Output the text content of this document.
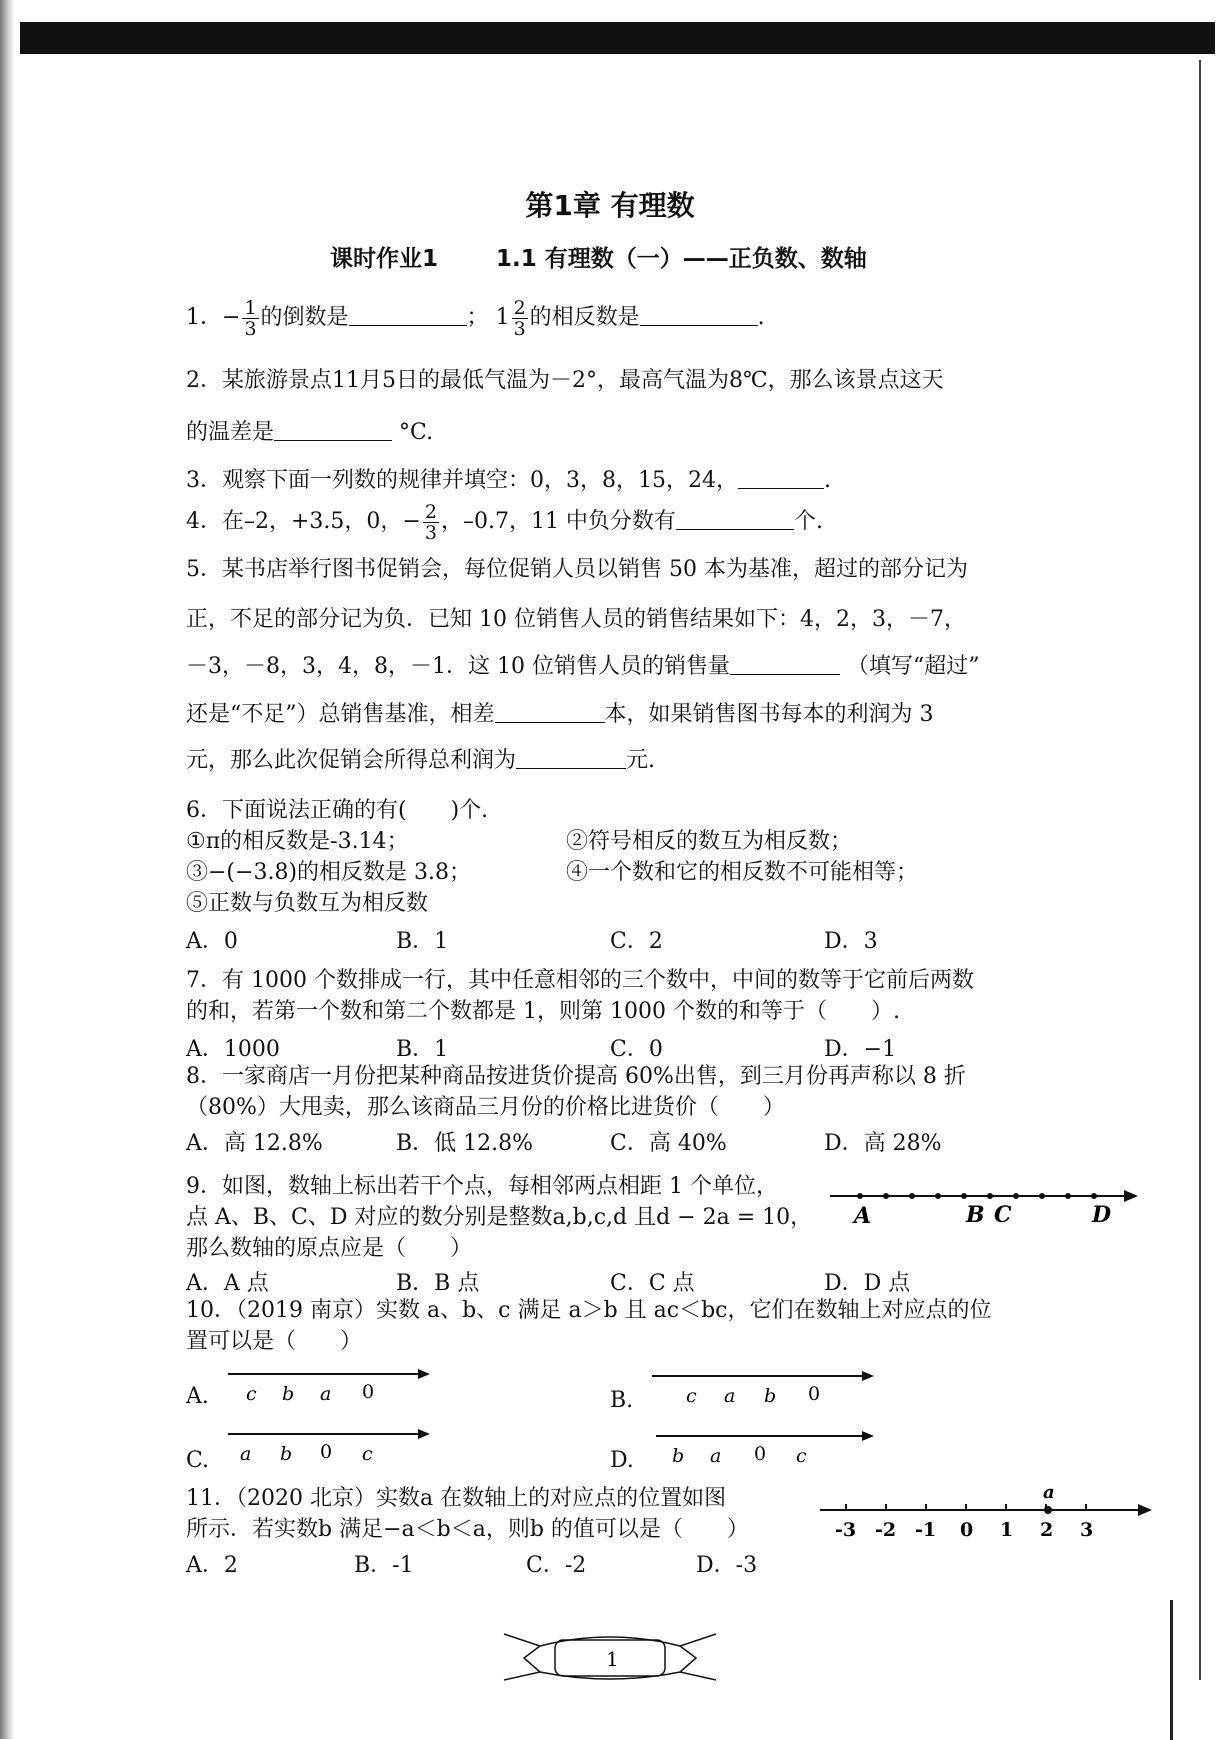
第1章 有理数
课时作业1	1.1 有理数（一）——正负数、数轴
1．− $\frac{1}{3}$ 的倒数是	； $1 \frac{2}{3}$ 的相反数是	.
2．某旅游景点11月5日的最低气温为－2°，最高气温为8℃，那么该景点这天
的温差是	°C.
3．观察下面一列数的规律并填空：0，3，8，15，24，	.
4．在–2，+3.5，0，− $\frac{2}{3}$ ，–0.7，11 中负分数有	个.
5．某书店举行图书促销会，每位促销人员以销售 50 本为基准，超过的部分记为
正，不足的部分记为负．已知 10 位销售人员的销售结果如下：4，2，3，－7，
－3，－8，3，4，8，－1．这 10 位销售人员的销售量	（填写“超过”
还是“不足”）总销售基准，相差	本，如果销售图书每本的利润为 3
元，那么此次促销会所得总利润为	元.
6．下面说法正确的有(　　)个.
①π的相反数是-3.14；	②符号相反的数互为相反数；
③−(−3.8)的相反数是 3.8；	④一个数和它的相反数不可能相等；
⑤正数与负数互为相反数
A．0	B．1	C．2	D．3
7．有 1000 个数排成一行，其中任意相邻的三个数中，中间的数等于它前后两数
的和，若第一个数和第二个数都是 1，则第 1000 个数的和等于（　　）.
A．1000	B．1	C．0	D．−1
8．一家商店一月份把某种商品按进货价提高 60%出售，到三月份再声称以 8 折
（80%）大甩卖，那么该商品三月份的价格比进货价（　　）
A．高 12.8%	B．低 12.8%	C．高 40%	D．高 28%
9．如图，数轴上标出若干个点，每相邻两点相距 1 个单位，
点 A、B、C、D 对应的数分别是整数a,b,c,d 且d − 2a = 10，
那么数轴的原点应是（　　）
A	B C	D
A．A 点	B．B 点	C．C 点	D．D 点
10．（2019 南京）实数 a、b、c 满足 a＞b 且 ac＜bc，它们在数轴上对应点的位
置可以是（　　）
A. c b a 0	B.	c a b 0
C. a b 0 c	D. b a 0 c
11．（2020 北京）实数a 在数轴上的对应点的位置如图
所示．若实数b 满足−a＜b＜a，则b 的值可以是（　　）	-3 -2 -1 0 1 2 3
a
A．2	B．-1	C．-2	D．-3
1
